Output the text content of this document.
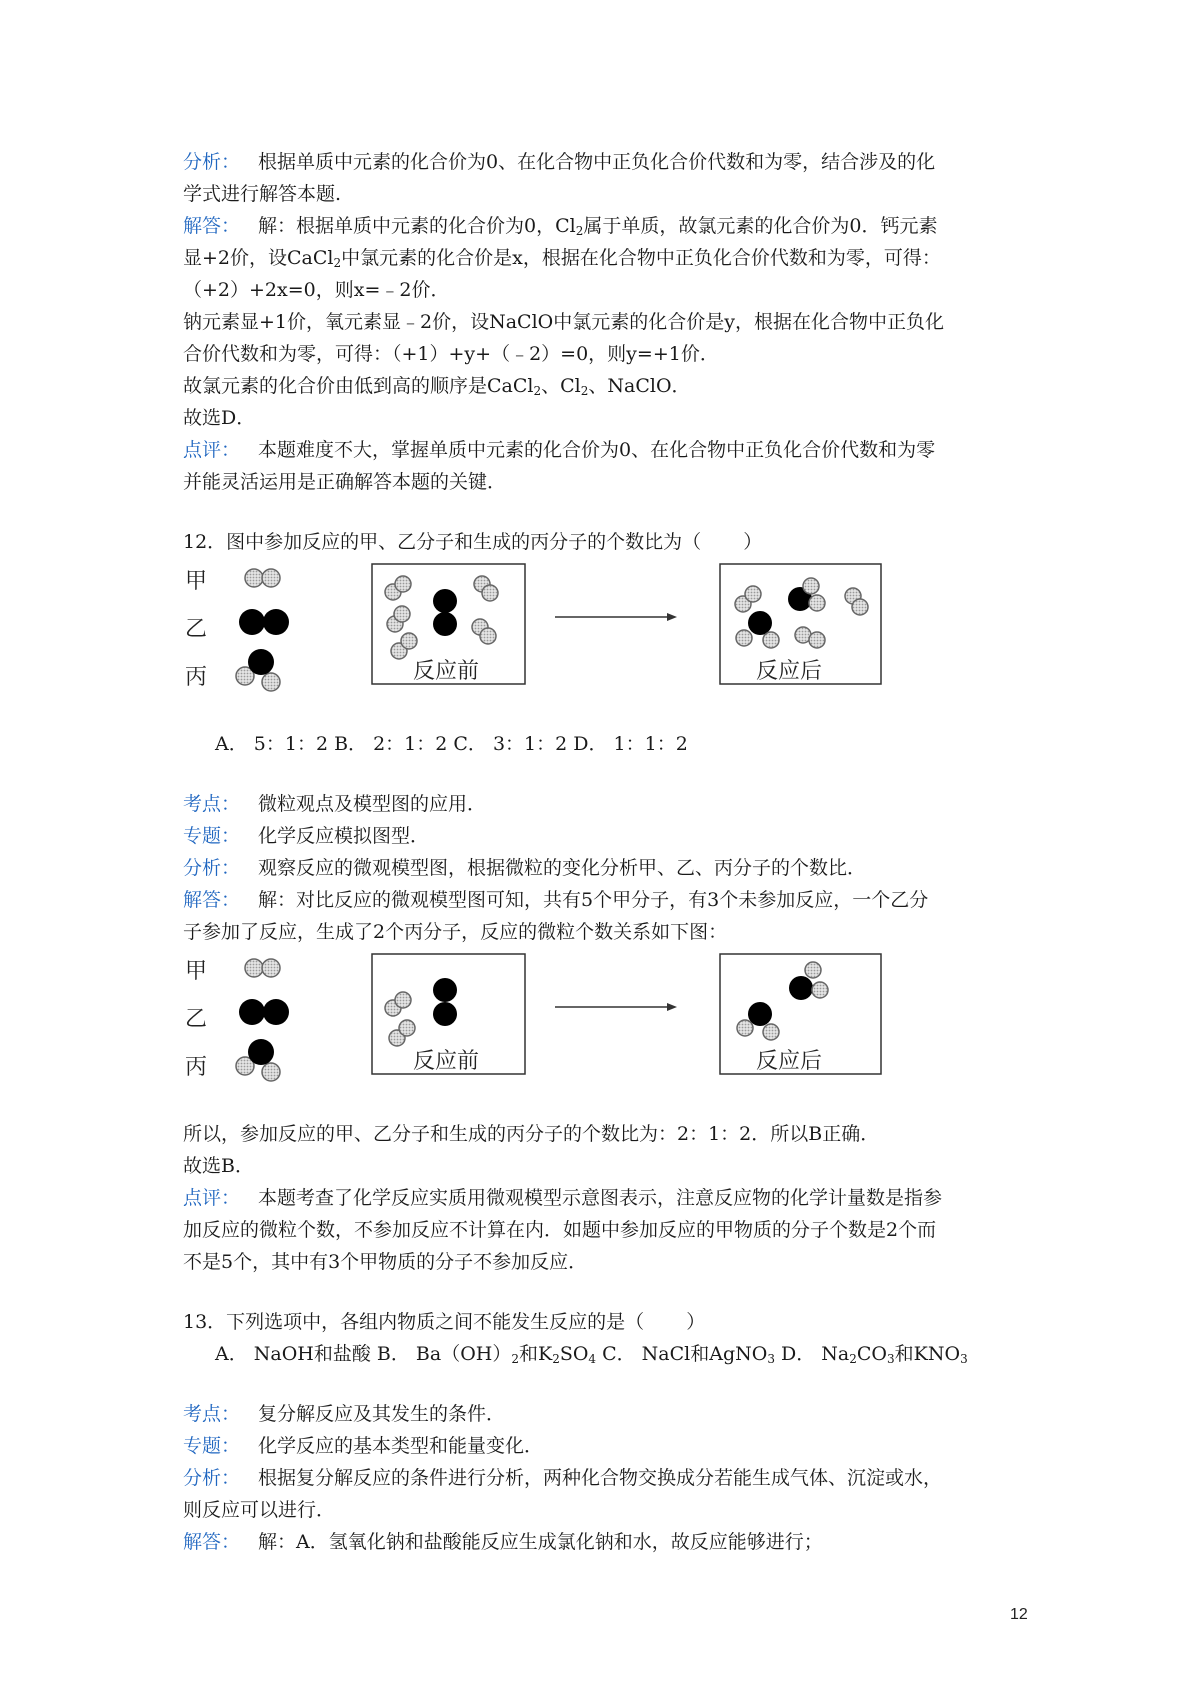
分析： 根据单质中元素的化合价为0、在化合物中正负化合价代数和为零，结合涉及的化
学式进行解答本题.
解答： 解：根据单质中元素的化合价为0，$Cl_2$属于单质，故氯元素的化合价为0．钙元素
显+2价，设CaCl$_2$中氯元素的化合价是x，根据在化合物中正负化合价代数和为零，可得：
（+2）+2x=0，则x=﹣2价．
钠元素显+1价，氧元素显﹣2价，设NaClO中氯元素的化合价是y，根据在化合物中正负化
合价代数和为零，可得：（+1）+y+（﹣2）=0，则y=+1价．
故氯元素的化合价由低到高的顺序是CaCl$_2$、$Cl_2$、NaClO．
故选D．
点评： 本题难度不大，掌握单质中元素的化合价为0、在化合物中正负化合价代数和为零
并能灵活运用是正确解答本题的关键．
12．图中参加反应的甲、乙分子和生成的丙分子的个数比为（ ）
甲
乙
丙	反应前	反应后
A． 5：1：2 B． 2：1：2 C． 3：1：2 D． 1：1：2
考点： 微粒观点及模型图的应用．
专题： 化学反应模拟图型．
分析： 观察反应的微观模型图，根据微粒的变化分析甲、乙、丙分子的个数比．
解答： 解：对比反应的微观模型图可知，共有5个甲分子，有3个未参加反应，一个乙分
子参加了反应，生成了2个丙分子，反应的微粒个数关系如下图：
甲
乙
丙	反应前	反应后
所以，参加反应的甲、乙分子和生成的丙分子的个数比为：2：1：2．所以B正确．
故选B．
点评： 本题考查了化学反应实质用微观模型示意图表示，注意反应物的化学计量数是指参
加反应的微粒个数，不参加反应不计算在内．如题中参加反应的甲物质的分子个数是2个而
不是5个，其中有3个甲物质的分子不参加反应．
13．下列选项中，各组内物质之间不能发生反应的是（ ）
A． NaOH和盐酸 B． $Ba(OH)_2$和$K_2SO_4$ C． NaCl和AgNO$_3$ D． $Na_2CO_3$和$KNO_3$
考点： 复分解反应及其发生的条件．
专题： 化学反应的基本类型和能量变化．
分析： 根据复分解反应的条件进行分析，两种化合物交换成分若能生成气体、沉淀或水，
则反应可以进行．
解答： 解：A．氢氧化钠和盐酸能反应生成氯化钠和水，故反应能够进行；
12
